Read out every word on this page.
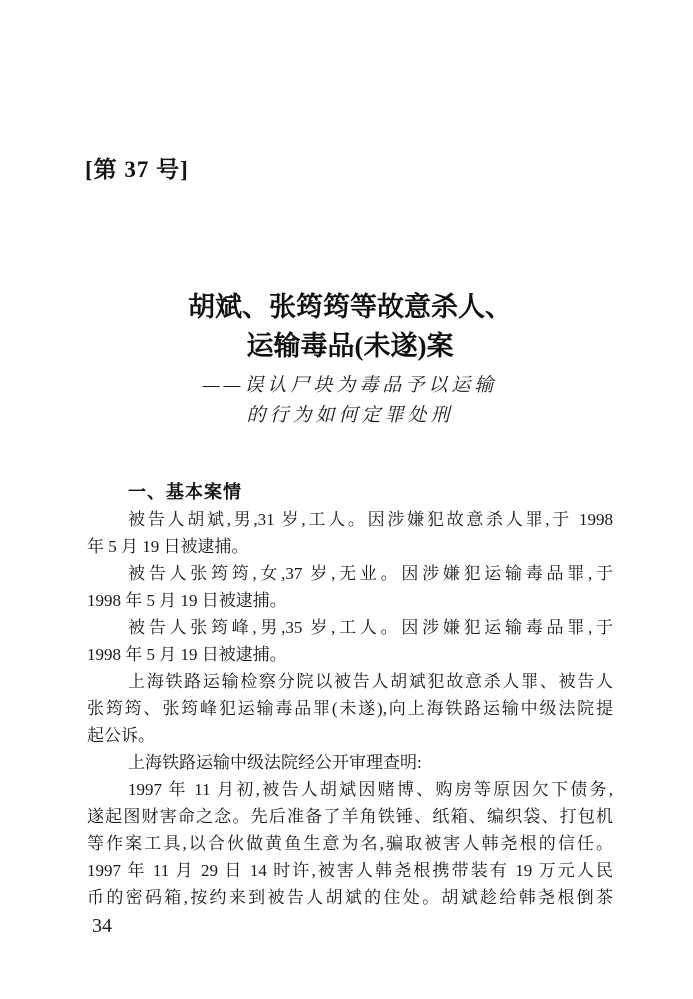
[第 37 号]
胡斌、张筠筠等故意杀人、
运输毒品(未遂)案
——误认尸块为毒品予以运输
的行为如何定罪处刑
一、基本案情
被告人胡斌,男,31 岁,工人。因涉嫌犯故意杀人罪,于 1998
年 5 月 19 日被逮捕。
被告人张筠筠,女,37 岁,无业。因涉嫌犯运输毒品罪,于
1998 年 5 月 19 日被逮捕。
被告人张筠峰,男,35 岁,工人。因涉嫌犯运输毒品罪,于
1998 年 5 月 19 日被逮捕。
上海铁路运输检察分院以被告人胡斌犯故意杀人罪、被告人
张筠筠、张筠峰犯运输毒品罪(未遂),向上海铁路运输中级法院提
起公诉。
上海铁路运输中级法院经公开审理查明:
1997 年 11 月初,被告人胡斌因赌博、购房等原因欠下债务,
遂起图财害命之念。先后准备了羊角铁锤、纸箱、编织袋、打包机
等作案工具,以合伙做黄鱼生意为名,骗取被害人韩尧根的信任。
1997 年 11 月 29 日 14 时许,被害人韩尧根携带装有 19 万元人民
币的密码箱,按约来到被告人胡斌的住处。胡斌趁给韩尧根倒茶
34
